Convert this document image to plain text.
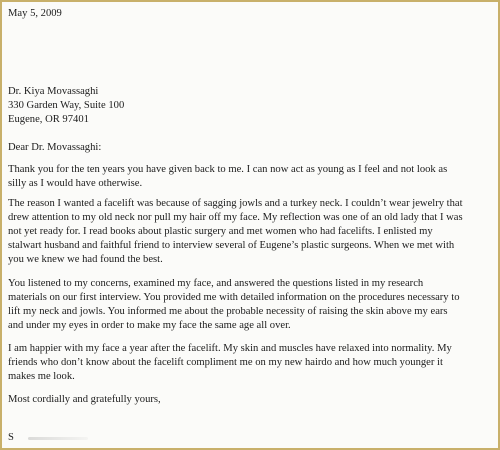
May 5, 2009
Dr. Kiya Movassaghi
330 Garden Way, Suite 100
Eugene, OR 97401
Dear Dr. Movassaghi:
Thank you for the ten years you have given back to me. I can now act as young as I feel and not look as
silly as I would have otherwise.
The reason I wanted a facelift was because of sagging jowls and a turkey neck. I couldn’t wear jewelry that
drew attention to my old neck nor pull my hair off my face. My reflection was one of an old lady that I was
not yet ready for. I read books about plastic surgery and met women who had facelifts. I enlisted my
stalwart husband and faithful friend to interview several of Eugene’s plastic surgeons. When we met with
you we knew we had found the best.
You listened to my concerns, examined my face, and answered the questions listed in my research
materials on our first interview. You provided me with detailed information on the procedures necessary to
lift my neck and jowls. You informed me about the probable necessity of raising the skin above my ears
and under my eyes in order to make my face the same age all over.
I am happier with my face a year after the facelift. My skin and muscles have relaxed into normality. My
friends who don’t know about the facelift compliment me on my new hairdo and how much younger it
makes me look.
Most cordially and gratefully yours,
S
